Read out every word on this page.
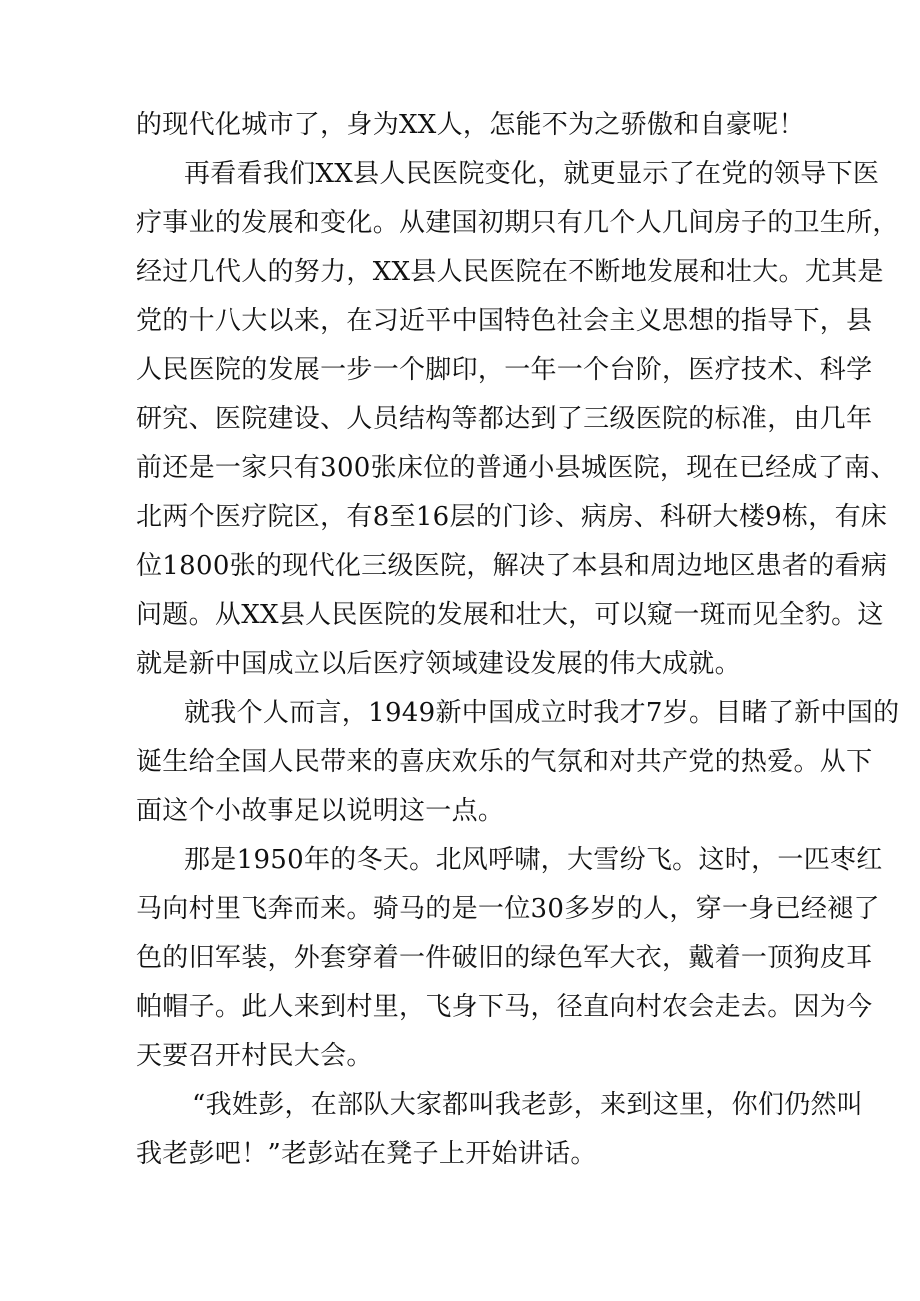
的现代化城市了，身为XX人，怎能不为之骄傲和自豪呢！
再看看我们XX县人民医院变化，就更显示了在党的领导下医
疗事业的发展和变化。从建国初期只有几个人几间房子的卫生所，
经过几代人的努力，XX县人民医院在不断地发展和壮大。尤其是
党的十八大以来，在习近平中国特色社会主义思想的指导下，县
人民医院的发展一步一个脚印，一年一个台阶，医疗技术、科学
研究、医院建设、人员结构等都达到了三级医院的标准，由几年
前还是一家只有300张床位的普通小县城医院，现在已经成了南、
北两个医疗院区，有8至16层的门诊、病房、科研大楼9栋，有床
位1800张的现代化三级医院，解决了本县和周边地区患者的看病
问题。从XX县人民医院的发展和壮大，可以窥一斑而见全豹。这
就是新中国成立以后医疗领域建设发展的伟大成就。
就我个人而言，1949新中国成立时我才7岁。目睹了新中国的
诞生给全国人民带来的喜庆欢乐的气氛和对共产党的热爱。从下
面这个小故事足以说明这一点。
那是1950年的冬天。北风呼啸，大雪纷飞。这时，一匹枣红
马向村里飞奔而来。骑马的是一位30多岁的人，穿一身已经褪了
色的旧军装，外套穿着一件破旧的绿色军大衣，戴着一顶狗皮耳
帕帽子。此人来到村里，飞身下马，径直向村农会走去。因为今
天要召开村民大会。
“我姓彭，在部队大家都叫我老彭，来到这里，你们仍然叫
我老彭吧！”老彭站在凳子上开始讲话。
